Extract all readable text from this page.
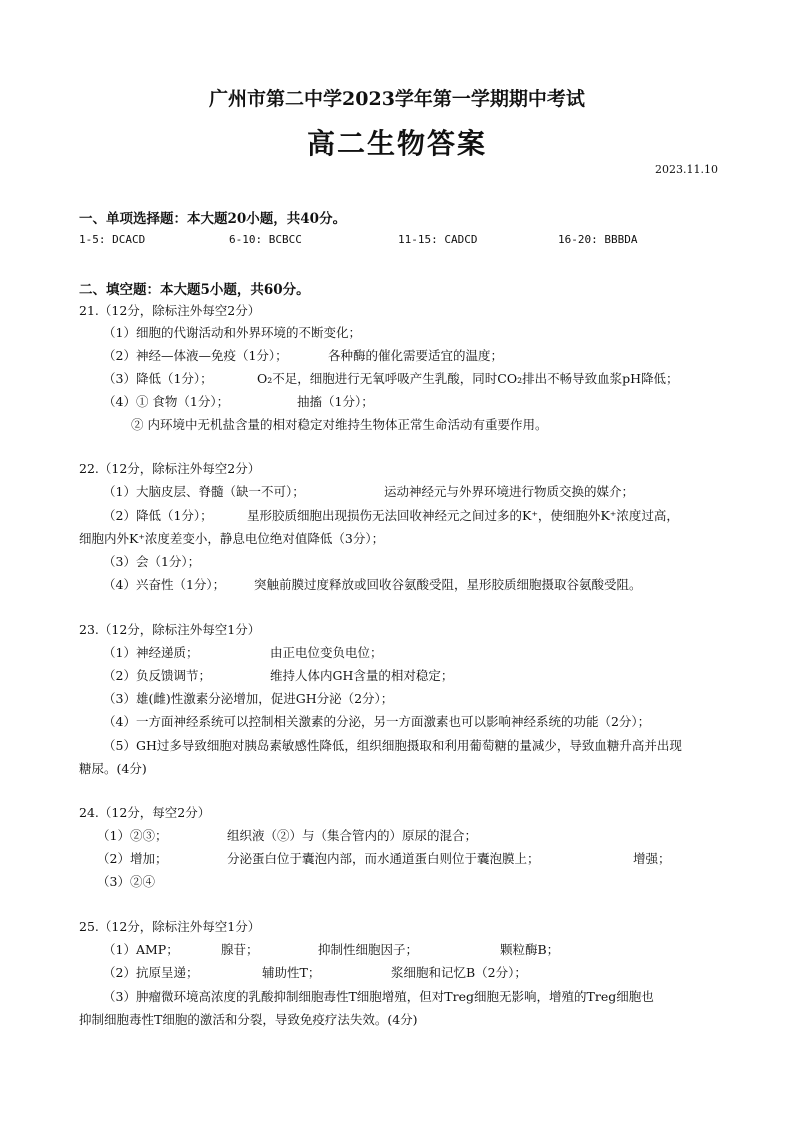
广州市第二中学2023学年第一学期期中考试
高二生物答案
2023.11.10
一、单项选择题：本大题20小题，共40分。
1-5: DCACD	6-10: BCBCC	11-15: CADCD	16-20: BBBDA
二、填空题：本大题5小题，共60分。
21.（12分，除标注外每空2分）
（1）细胞的代谢活动和外界环境的不断变化；
（2）神经—体液—免疫（1分）；	各种酶的催化需要适宜的温度；
（3）降低（1分）；	O₂不足，细胞进行无氧呼吸产生乳酸，同时CO₂排出不畅导致血浆pH降低；
（4）① 食物（1分）；	抽搐（1分）；
② 内环境中无机盐含量的相对稳定对维持生物体正常生命活动有重要作用。
22.（12分，除标注外每空2分）
（1）大脑皮层、脊髓（缺一不可）；	运动神经元与外界环境进行物质交换的媒介；
（2）降低（1分）；	星形胶质细胞出现损伤无法回收神经元之间过多的K⁺，使细胞外K⁺浓度过高，
细胞内外K⁺浓度差变小，静息电位绝对值降低（3分）；
（3）会（1分）；
（4）兴奋性（1分）； 突触前膜过度释放或回收谷氨酸受阻，星形胶质细胞摄取谷氨酸受阻。
23.（12分，除标注外每空1分）
（1）神经递质；	由正电位变负电位；
（2）负反馈调节；	维持人体内GH含量的相对稳定；
（3）雄(雌)性激素分泌增加，促进GH分泌（2分）；
（4）一方面神经系统可以控制相关激素的分泌，另一方面激素也可以影响神经系统的功能（2分）；
（5）GH过多导致细胞对胰岛素敏感性降低，组织细胞摄取和利用葡萄糖的量减少，导致血糖升高并出现
糖尿。(4分)
24.（12分，每空2分）
（1）②③；	组织液（②）与（集合管内的）原尿的混合；
（2）增加；	分泌蛋白位于囊泡内部，而水通道蛋白则位于囊泡膜上；	增强；
（3）②④
25.（12分，除标注外每空1分）
（1）AMP；	腺苷；	抑制性细胞因子；	颗粒酶B；
（2）抗原呈递；	辅助性T；	浆细胞和记忆B（2分）；
（3）肿瘤微环境高浓度的乳酸抑制细胞毒性T细胞增殖，但对Treg细胞无影响，增殖的Treg细胞也
抑制细胞毒性T细胞的激活和分裂，导致免疫疗法失效。(4分)
